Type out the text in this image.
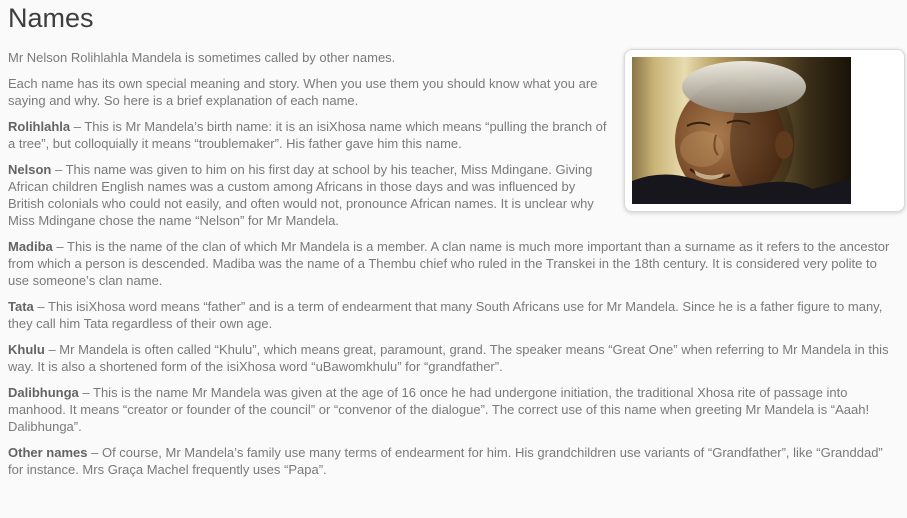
Names

Mr Nelson Rolihlahla Mandela is sometimes called by other names.

Each name has its own special meaning and story. When you use them you should know what you are saying and why. So here is a brief explanation of each name.

Rolihlahla – This is Mr Mandela’s birth name: it is an isiXhosa name which means “pulling the branch of a tree”, but colloquially it means “troublemaker”. His father gave him this name.

Nelson – This name was given to him on his first day at school by his teacher, Miss Mdingane. Giving African children English names was a custom among Africans in those days and was influenced by British colonials who could not easily, and often would not, pronounce African names. It is unclear why Miss Mdingane chose the name “Nelson” for Mr Mandela.

Madiba – This is the name of the clan of which Mr Mandela is a member. A clan name is much more important than a surname as it refers to the ancestor from which a person is descended. Madiba was the name of a Thembu chief who ruled in the Transkei in the 18th century. It is considered very polite to use someone’s clan name.

Tata – This isiXhosa word means “father” and is a term of endearment that many South Africans use for Mr Mandela. Since he is a father figure to many, they call him Tata regardless of their own age.

Khulu – Mr Mandela is often called “Khulu”, which means great, paramount, grand. The speaker means “Great One” when referring to Mr Mandela in this way. It is also a shortened form of the isiXhosa word “uBawomkhulu” for “grandfather”.

Dalibhunga – This is the name Mr Mandela was given at the age of 16 once he had undergone initiation, the traditional Xhosa rite of passage into manhood. It means “creator or founder of the council” or “convenor of the dialogue”. The correct use of this name when greeting Mr Mandela is “Aaah! Dalibhunga”.

Other names – Of course, Mr Mandela’s family use many terms of endearment for him. His grandchildren use variants of “Grandfather”, like “Granddad” for instance. Mrs Graça Machel frequently uses “Papa”.
